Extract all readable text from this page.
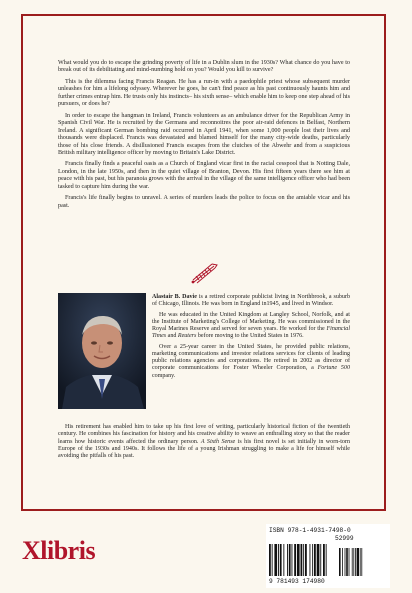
What would you do to escape the grinding poverty of life in a Dublin slum in the 1930s? What chance do you have to break out of its debilitating and mind-numbing hold on you? Would you kill to survive?

This is the dilemma facing Francis Reagan. He has a run-in with a paedophile priest whose subsequent murder unleashes for him a lifelong odyssey. Wherever he goes, he can't find peace as his past continuously haunts him and further crimes entrap him. He trusts only his instincts– his sixth sense– which enable him to keep one step ahead of his pursuers, or does he?

In order to escape the hangman in Ireland, Francis volunteers as an ambulance driver for the Republican Army in Spanish Civil War. He is recruited by the Germans and reconnoitres the poor air-raid defences in Belfast, Northern Ireland. A significant German bombing raid occurred in April 1941, when some 1,000 people lost their lives and thousands were displaced. Francis was devastated and blamed himself for the many city-wide deaths, particularly those of his close friends. A disillusioned Francis escapes from the clutches of the Abwehr and from a suspicious British military intelligence officer by moving to Britain's Lake District.

Francis finally finds a peaceful oasis as a Church of England vicar first in the racial cesspool that is Notting Dale, London, in the late 1950s, and then in the quiet village of Branton, Devon. His first fifteen years there see him at peace with his past, but his paranoia grows with the arrival in the village of the same intelligence officer who had been tasked to capture him during the war.

Francis's life finally begins to unravel. A series of murders leads the police to focus on the amiable vicar and his past.

Alastair B. Davie is a retired corporate publicist living in Northbrook, a suburb of Chicago, Illinois. He was born in England in1945, and lived in Windsor.

He was educated in the United Kingdom at Langley School, Norfolk, and at the Institute of Marketing's College of Marketing. He was commissioned in the Royal Marines Reserve and served for seven years. He worked for the Financial Times and Reuters before moving to the United States in 1976.

Over a 25-year career in the United States, he provided public relations, marketing communications and investor relations services for clients of leading public relations agencies and corporations. He retired in 2002 as director of corporate communications for Foster Wheeler Corporation, a Fortune 500 company.

His retirement has enabled him to take up his first love of writing, particularly historical fiction of the twentieth century. He combines his fascination for history and his creative ability to weave an enthralling story so that the reader learns how historic events affected the ordinary person. A Sixth Sense is his first novel is set initially in worn-torn Europe of the 1930s and 1940s. It follows the life of a young Irishman struggling to make a life for himself while avoiding the pitfalls of his past.

Xlibris
ISBN 978-1-4931-7498-0
52999
9 781493 174980
